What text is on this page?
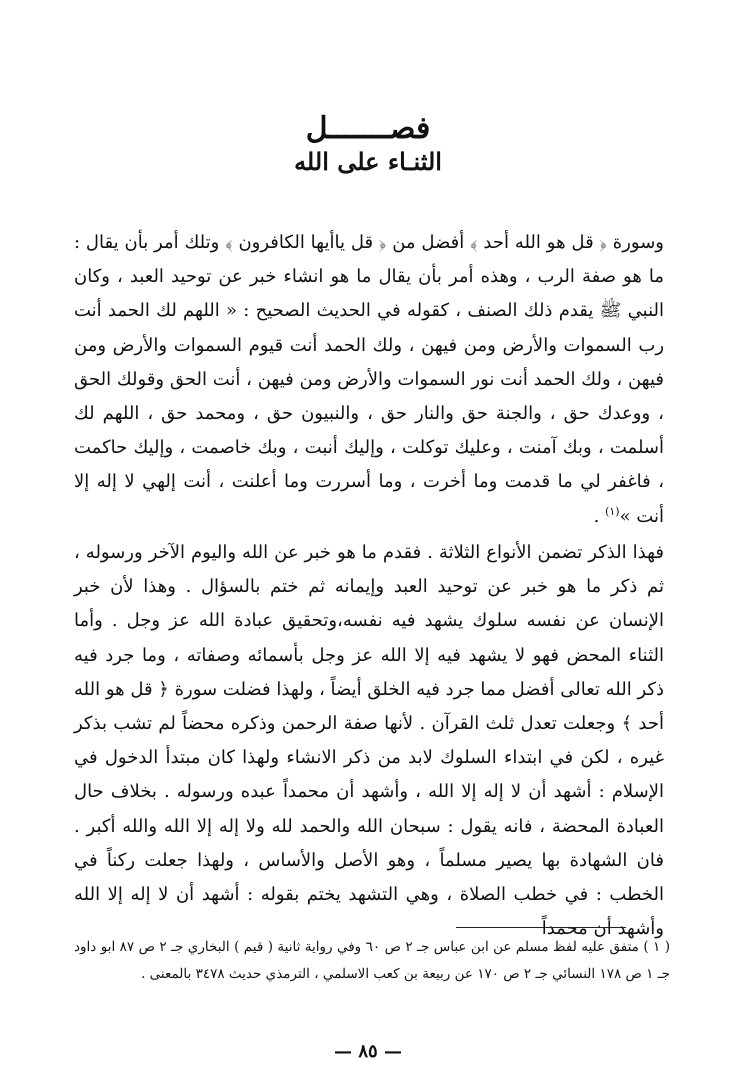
فصـــــــل
الثنـاء على الله
وسورة ﴿ قل هو الله أحد ﴾ أفضل من ﴿ قل ياأيها الكافرون ﴾ وتلك أمر بأن يقال : ما هو صفة الرب ، وهذه أمر بأن يقال ما هو انشاء خبر عن توحيد العبد ، وكان النبي ﷺ يقدم ذلك الصنف ، كقوله في الحديث الصحيح : « اللهم لك الحمد أنت رب السموات والأرض ومن فيهن ، ولك الحمد أنت قيوم السموات والأرض ومن فيهن ، ولك الحمد أنت نور السموات والأرض ومن فيهن ، أنت الحق وقولك الحق ، ووعدك حق ، والجنة حق والنار حق ، والنبيون حق ، ومحمد حق ، اللهم لك أسلمت ، وبك آمنت ، وعليك توكلت ، وإليك أنبت ، وبك خاصمت ، وإليك حاكمت ، فاغفر لي ما قدمت وما أخرت ، وما أسررت وما أعلنت ، أنت إلهي لا إله إلا أنت »$^{(١)}$ .
فهذا الذكر تضمن الأنواع الثلاثة . فقدم ما هو خبر عن الله واليوم الآخر ورسوله ، ثم ذكر ما هو خبر عن توحيد العبد وإيمانه ثم ختم بالسؤال . وهذا لأن خبر الإنسان عن نفسه سلوك يشهد فيه نفسه،وتحقيق عبادة الله عز وجل . وأما الثناء المحض فهو لا يشهد فيه إلا الله عز وجل بأسمائه وصفاته ، وما جرد فيه ذكر الله تعالى أفضل مما جرد فيه الخلق أيضاً ، ولهذا فضلت سورة ﴿ قل هو الله أحد ﴾ وجعلت تعدل ثلث القرآن . لأنها صفة الرحمن وذكره محضاً لم تشب بذكر غيره ، لكن في ابتداء السلوك لابد من ذكر الانشاء ولهذا كان مبتدأ الدخول في الإسلام : أشهد أن لا إله إلا الله ، وأشهد أن محمداً عبده ورسوله . بخلاف حال العبادة المحضة ، فانه يقول : سبحان الله والحمد لله ولا إله إلا الله والله أكبر . فان الشهادة بها يصير مسلماً ، وهو الأصل والأساس ، ولهذا جعلت ركناً في الخطب : في خطب الصلاة ، وهي التشهد يختم بقوله : أشهد أن لا إله إلا الله وأشهد أن محمداً
( ١ ) متفق عليه لفظ مسلم عن ابن عباس جـ ٢ ص ٦٠ وفي رواية ثانية ( قيم ) البخاري جـ ٢ ص ٨٧ ابو داود جـ ١ ص ١٧٨ النسائي جـ ٢ ص ١٧٠ عن ربيعة بن كعب الاسلمي ، الترمذي حديث ٣٤٧٨ بالمعنى .
— ٨٥ —
